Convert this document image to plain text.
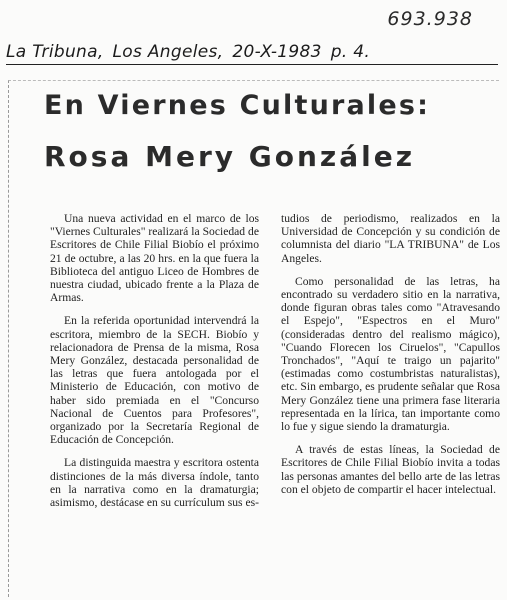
693.938
La Tribuna, Los Angeles, 20-X-1983 p. 4.
En Viernes Culturales:
Rosa Mery González

Una nueva actividad en el marco de los "Viernes Culturales" realizará la Sociedad de Escritores de Chile Filial Biobío el próximo 21 de octubre, a las 20 hrs. en la que fuera la Biblioteca del antiguo Liceo de Hombres de nuestra ciudad, ubicado frente a la Plaza de Armas.

En la referida oportunidad intervendrá la escritora, miembro de la SECH. Biobío y relacionadora de Prensa de la misma, Rosa Mery González, destacada personalidad de las letras que fuera antologada por el Ministerio de Educación, con motivo de haber sido premiada en el "Concurso Nacional de Cuentos para Profesores", organizado por la Secretaría Regional de Educación de Concepción.

La distinguida maestra y escritora ostenta distinciones de la más diversa índole, tanto en la narrativa como en la dramaturgia; asimismo, destácase en su currículum sus es-

tudios de periodismo, realizados en la Universidad de Concepción y su condición de columnista del diario "LA TRIBUNA" de Los Angeles.

Como personalidad de las letras, ha encontrado su verdadero sitio en la narrativa, donde figuran obras tales como "Atravesando el Espejo", "Espectros en el Muro" (consideradas dentro del realismo mágico), "Cuando Florecen los Ciruelos", "Capullos Tronchados", "Aquí te traigo un pajarito" (estimadas como costumbristas naturalistas), etc. Sin embargo, es prudente señalar que Rosa Mery González tiene una primera fase literaria representada en la lírica, tan importante como lo fue y sigue siendo la dramaturgia.

A través de estas líneas, la Sociedad de Escritores de Chile Filial Biobío invita a todas las personas amantes del bello arte de las letras con el objeto de compartir el hacer intelectual.
